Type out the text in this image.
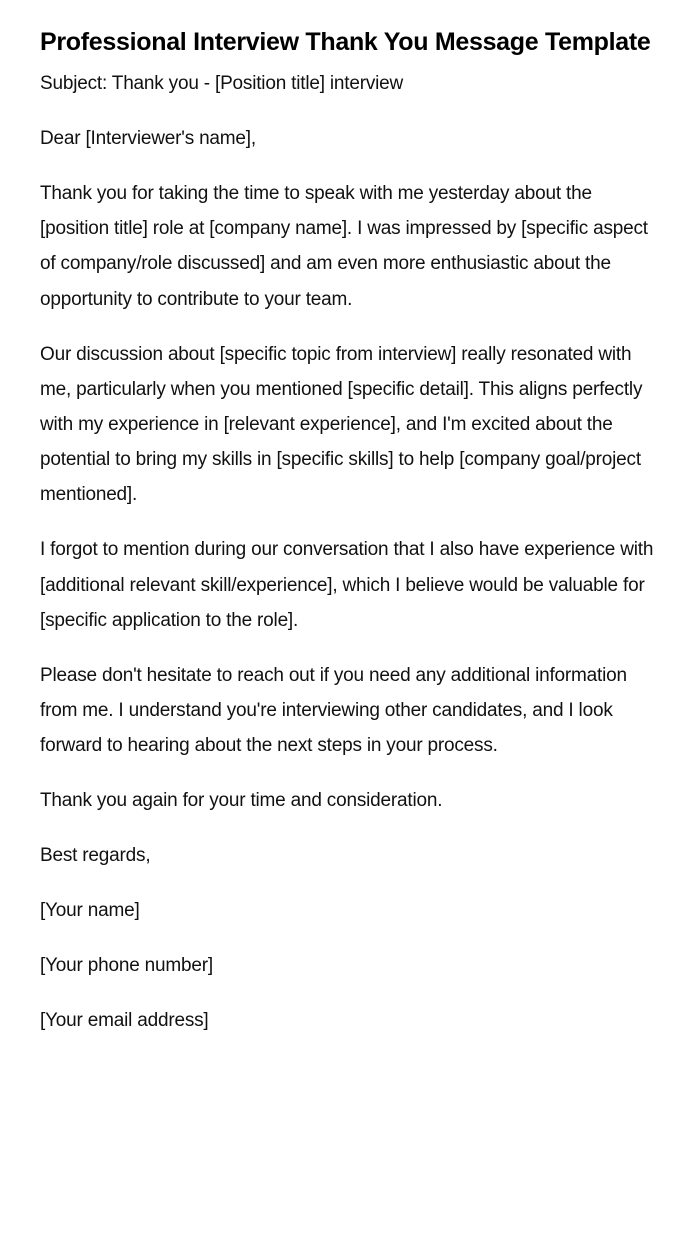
Professional Interview Thank You Message Template

Subject: Thank you - [Position title] interview

Dear [Interviewer's name],

Thank you for taking the time to speak with me yesterday about the [position title] role at [company name]. I was impressed by [specific aspect of company/role discussed] and am even more enthusiastic about the opportunity to contribute to your team.

Our discussion about [specific topic from interview] really resonated with me, particularly when you mentioned [specific detail]. This aligns perfectly with my experience in [relevant experience], and I'm excited about the potential to bring my skills in [specific skills] to help [company goal/project mentioned].

I forgot to mention during our conversation that I also have experience with [additional relevant skill/experience], which I believe would be valuable for [specific application to the role].

Please don't hesitate to reach out if you need any additional information from me. I understand you're interviewing other candidates, and I look forward to hearing about the next steps in your process.

Thank you again for your time and consideration.

Best regards,

[Your name]

[Your phone number]

[Your email address]
